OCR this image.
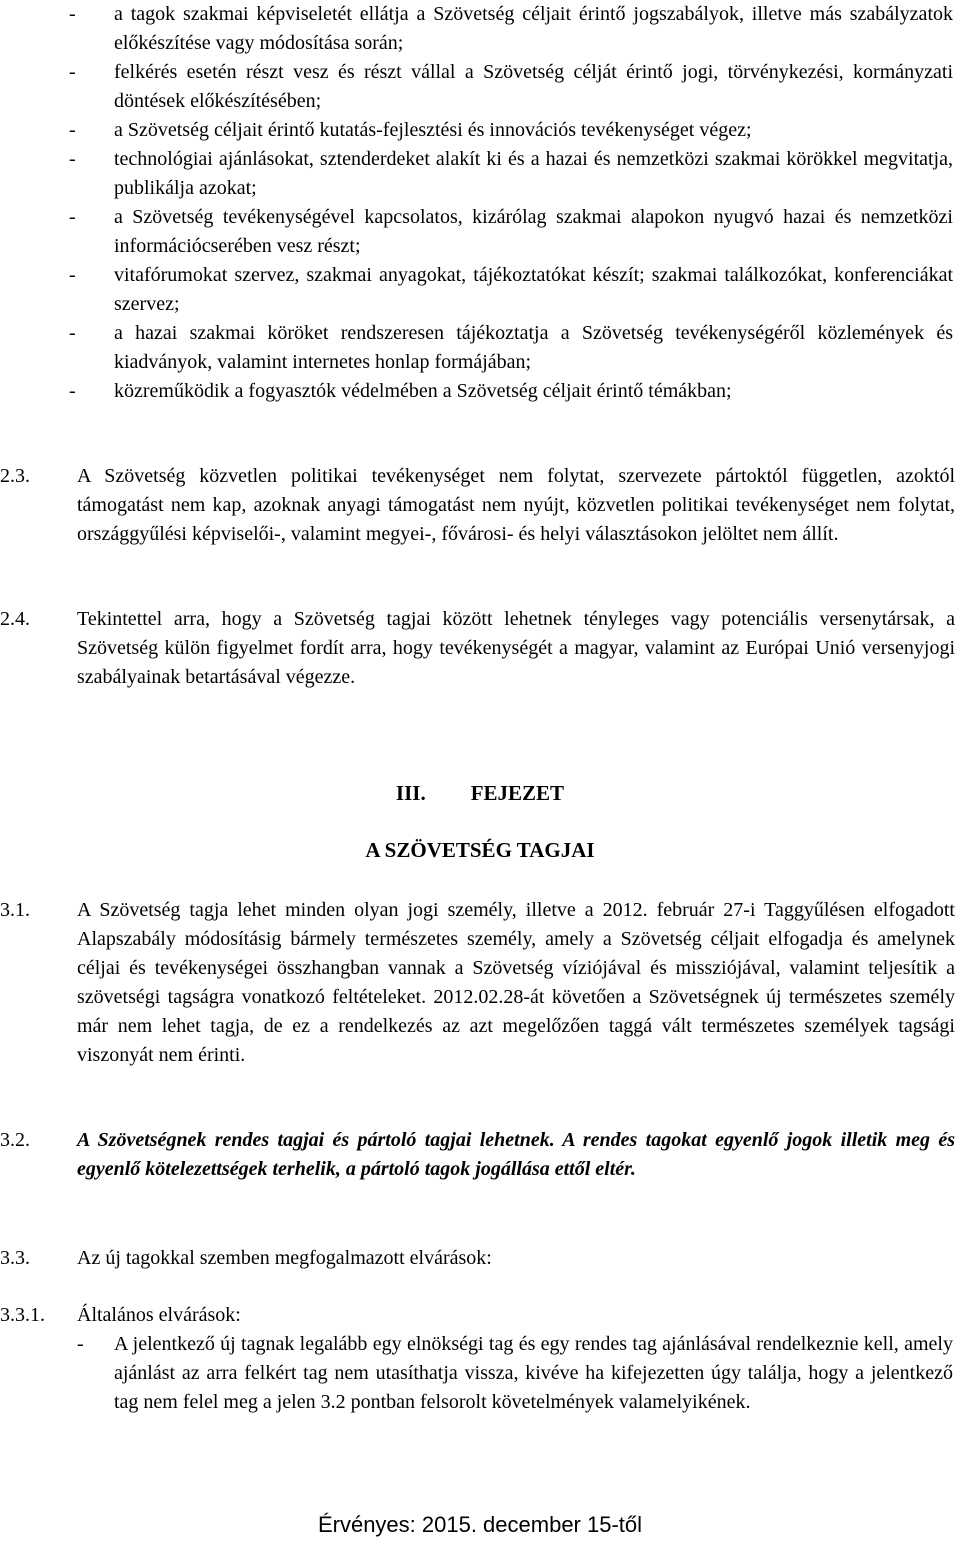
- a tagok szakmai képviseletét ellátja a Szövetség céljait érintő jogszabályok, illetve más szabályzatok előkészítése vagy módosítása során;
- felkérés esetén részt vesz és részt vállal a Szövetség célját érintő jogi, törvénykezési, kormányzati döntések előkészítésében;
- a Szövetség céljait érintő kutatás-fejlesztési és innovációs tevékenységet végez;
- technológiai ajánlásokat, sztenderdeket alakít ki és a hazai és nemzetközi szakmai körökkel megvitatja, publikálja azokat;
- a Szövetség tevékenységével kapcsolatos, kizárólag szakmai alapokon nyugvó hazai és nemzetközi információcserében vesz részt;
- vitafórumokat szervez, szakmai anyagokat, tájékoztatókat készít; szakmai találkozókat, konferenciákat szervez;
- a hazai szakmai köröket rendszeresen tájékoztatja a Szövetség tevékenységéről közlemények és kiadványok, valamint internetes honlap formájában;
- közreműködik a fogyasztók védelmében a Szövetség céljait érintő témákban;
2.3. A Szövetség közvetlen politikai tevékenységet nem folytat, szervezete pártoktól független, azoktól támogatást nem kap, azoknak anyagi támogatást nem nyújt, közvetlen politikai tevékenységet nem folytat, országgyűlési képviselői-, valamint megyei-, fővárosi- és helyi választásokon jelöltet nem állít.
2.4. Tekintettel arra, hogy a Szövetség tagjai között lehetnek tényleges vagy potenciális versenytársak, a Szövetség külön figyelmet fordít arra, hogy tevékenységét a magyar, valamint az Európai Unió versenyjogi szabályainak betartásával végezze.
III. FEJEZET
A SZÖVETSÉG TAGJAI
3.1. A Szövetség tagja lehet minden olyan jogi személy, illetve a 2012. február 27-i Taggyűlésen elfogadott Alapszabály módosításig bármely természetes személy, amely a Szövetség céljait elfogadja és amelynek céljai és tevékenységei összhangban vannak a Szövetség víziójával és missziójával, valamint teljesítik a szövetségi tagságra vonatkozó feltételeket. 2012.02.28-át követően a Szövetségnek új természetes személy már nem lehet tagja, de ez a rendelkezés az azt megelőzően taggá vált természetes személyek tagsági viszonyát nem érinti.
3.2. A Szövetségnek rendes tagjai és pártoló tagjai lehetnek. A rendes tagokat egyenlő jogok illetik meg és egyenlő kötelezettségek terhelik, a pártoló tagok jogállása ettől eltér.
3.3. Az új tagokkal szemben megfogalmazott elvárások:
3.3.1. Általános elvárások:
- A jelentkező új tagnak legalább egy elnökségi tag és egy rendes tag ajánlásával rendelkeznie kell, amely ajánlást az arra felkért tag nem utasíthatja vissza, kivéve ha kifejezetten úgy találja, hogy a jelentkező tag nem felel meg a jelen 3.2 pontban felsorolt követelmények valamelyikének.
Érvényes: 2015. december 15-től
